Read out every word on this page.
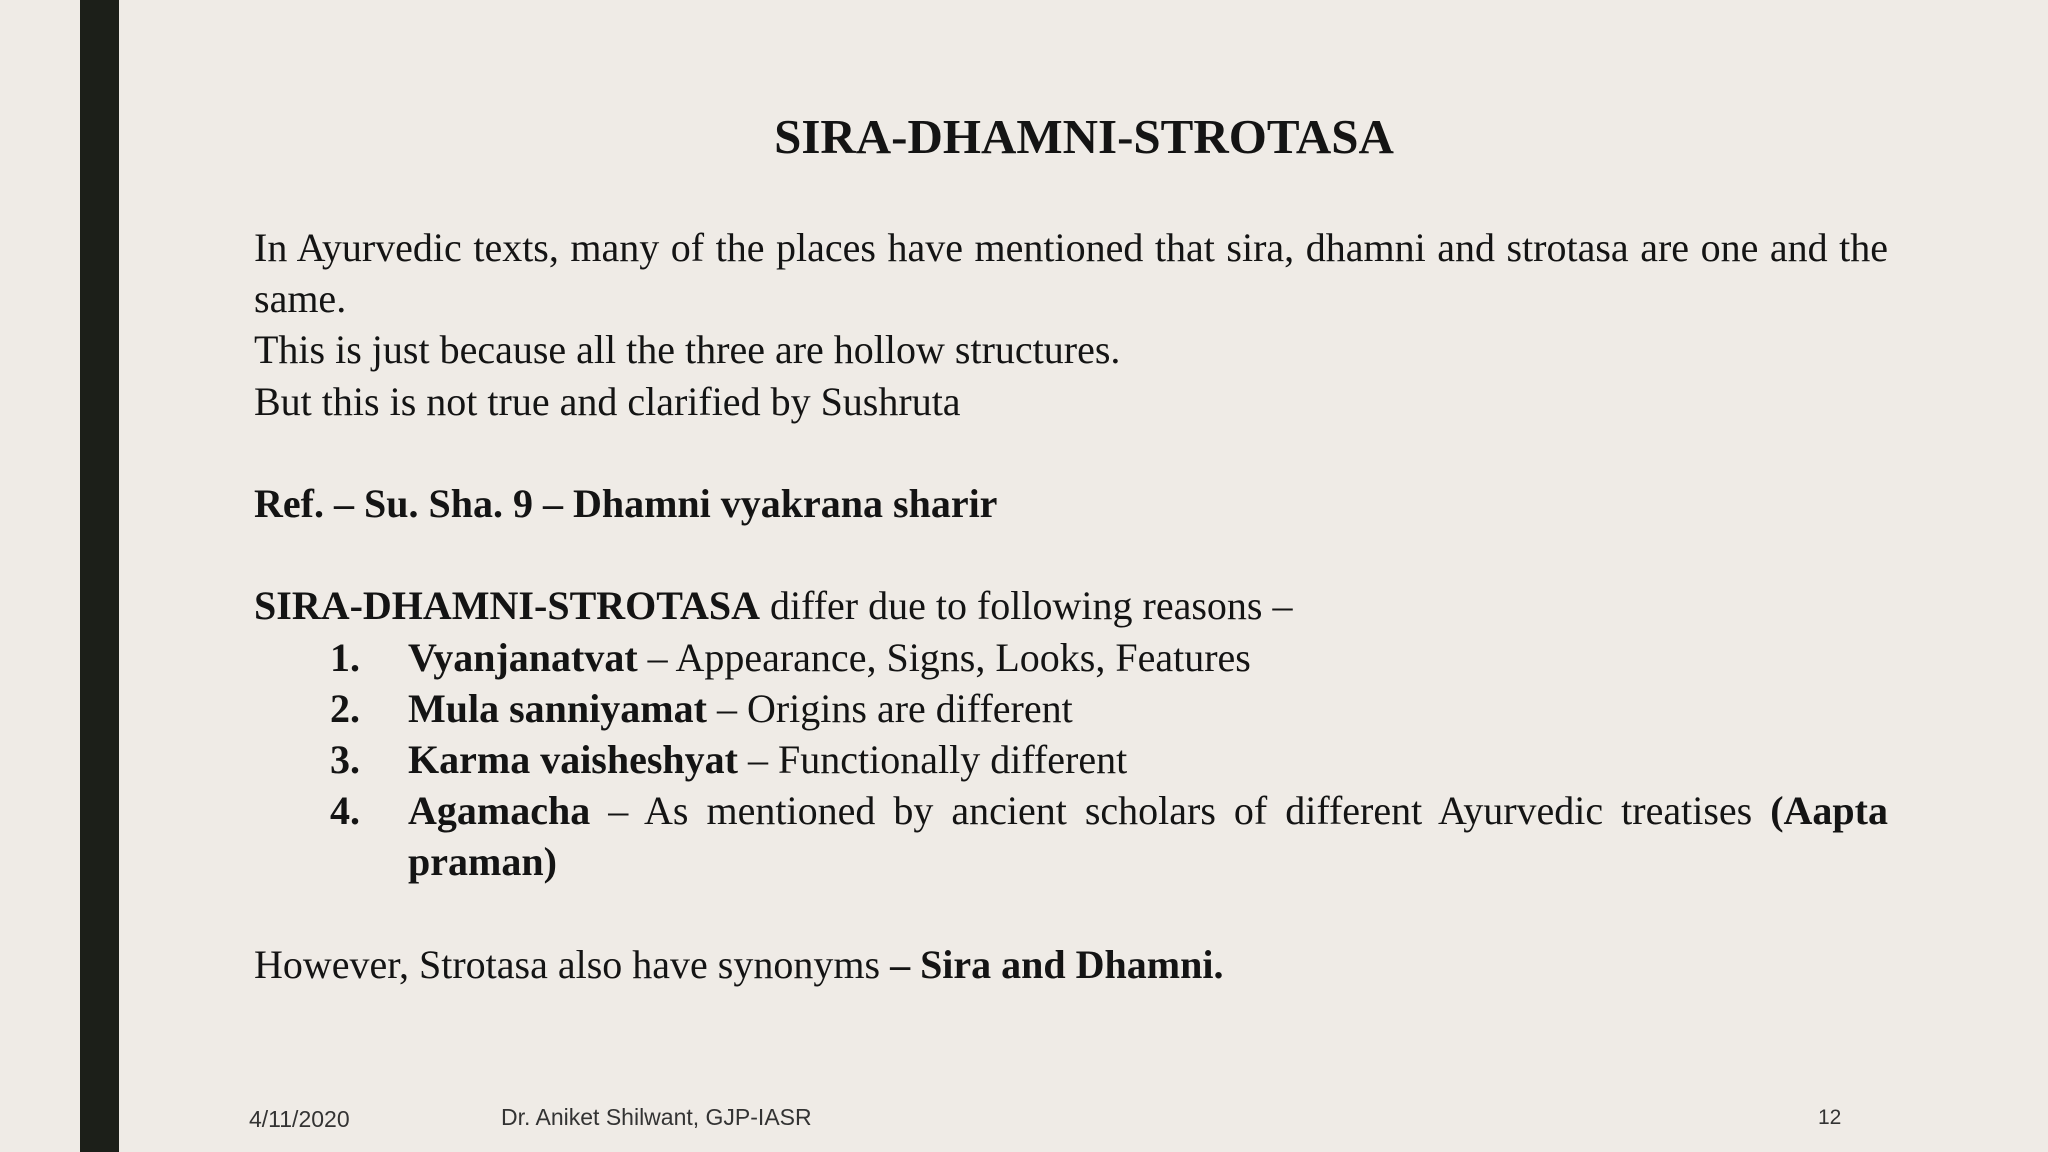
SIRA-DHAMNI-STROTASA
In Ayurvedic texts, many of the places have mentioned that sira, dhamni and strotasa are one and the same.
This is just because all the three are hollow structures.
But this is not true and clarified by Sushruta
Ref. – Su. Sha. 9 – Dhamni vyakrana sharir
SIRA-DHAMNI-STROTASA differ due to following reasons –
1.	Vyanjanatvat – Appearance, Signs, Looks, Features
2.	Mula sanniyamat – Origins are different
3.	Karma vaisheshyat – Functionally different
4.	Agamacha – As mentioned by ancient scholars of different Ayurvedic treatises (Aapta praman)
However, Strotasa also have synonyms – Sira and Dhamni.
4/11/2020	Dr. Aniket Shilwant, GJP-IASR	12
